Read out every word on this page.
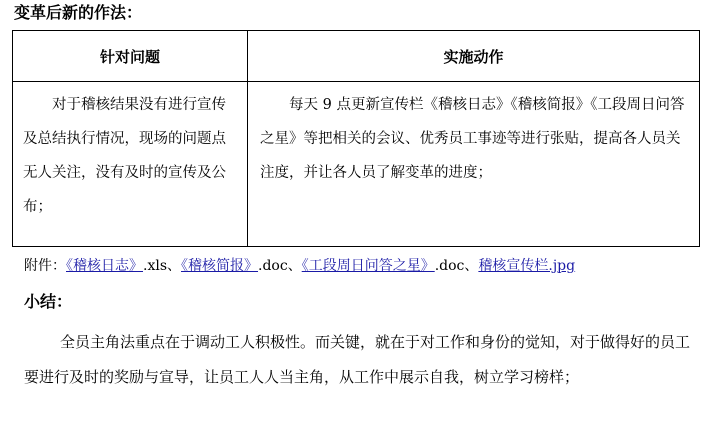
变革后新的作法：
针对问题	实施动作

对于稽核结果没有进行宣传及总结执行情况，现场的问题点无人关注，没有及时的宣传及公布；	每天 9 点更新宣传栏《稽核日志》《稽核简报》《工段周日问答之星》等把相关的会议、优秀员工事迹等进行张贴，提高各人员关注度，并让各人员了解变革的进度；
附件：《稽核日志》.xls、《稽核简报》.doc、《工段周日问答之星》.doc、稽核宣传栏.jpg
小结：
全员主角法重点在于调动工人积极性。而关键，就在于对工作和身份的觉知，对于做得好的员工要进行及时的奖励与宣导，让员工人人当主角，从工作中展示自我，树立学习榜样；
